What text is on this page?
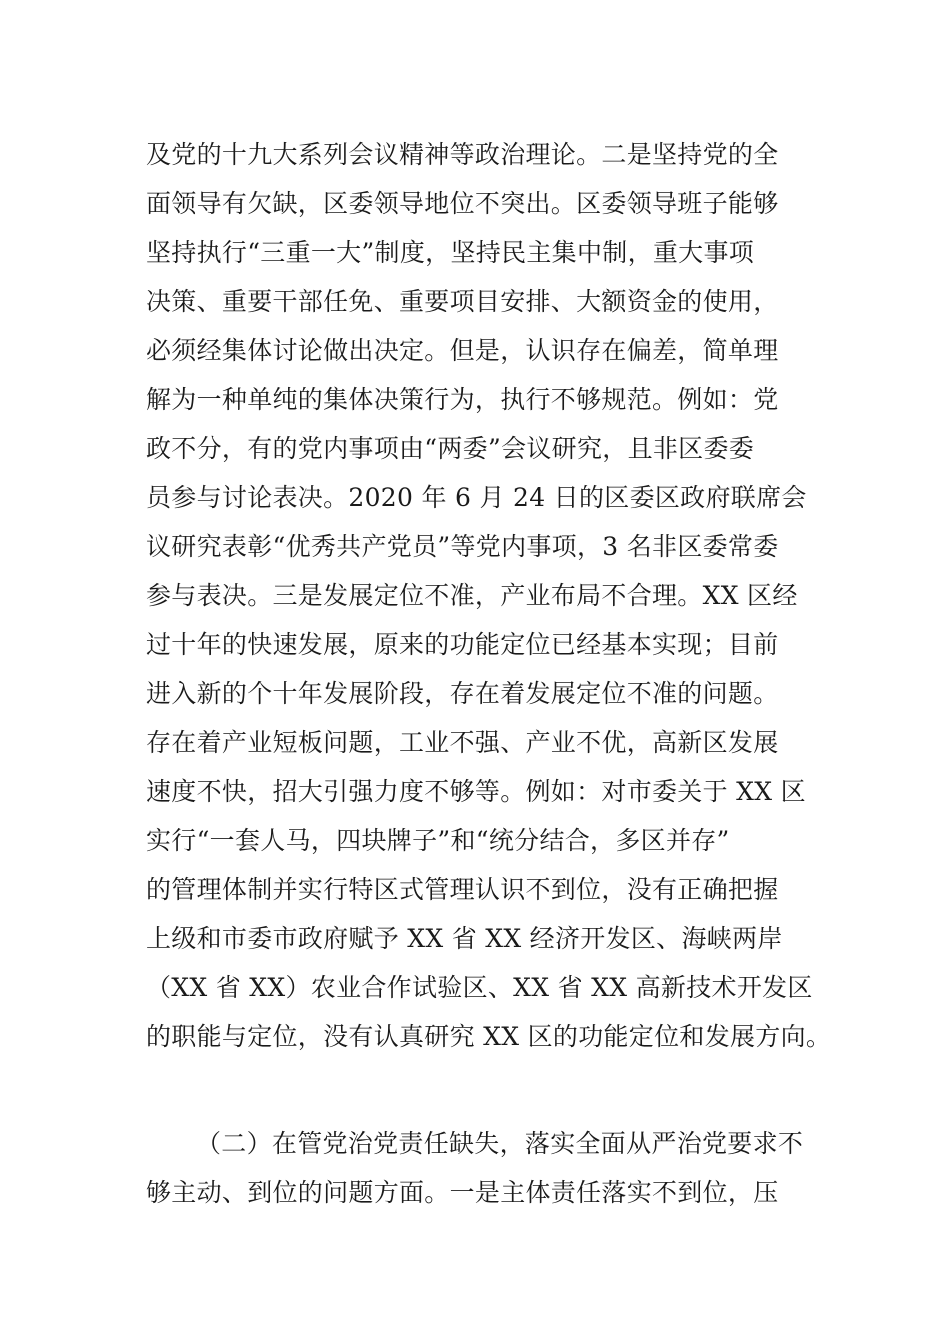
及党的十九大系列会议精神等政治理论。二是坚持党的全
面领导有欠缺，区委领导地位不突出。区委领导班子能够
坚持执行“三重一大”制度，坚持民主集中制，重大事项
决策、重要干部任免、重要项目安排、大额资金的使用，
必须经集体讨论做出决定。但是，认识存在偏差，简单理
解为一种单纯的集体决策行为，执行不够规范。例如：党
政不分，有的党内事项由“两委”会议研究，且非区委委
员参与讨论表决。2020 年 6 月 24 日的区委区政府联席会
议研究表彰“优秀共产党员”等党内事项，3 名非区委常委
参与表决。三是发展定位不准，产业布局不合理。XX 区经
过十年的快速发展，原来的功能定位已经基本实现；目前
进入新的个十年发展阶段，存在着发展定位不准的问题。
存在着产业短板问题，工业不强、产业不优，高新区发展
速度不快，招大引强力度不够等。例如：对市委关于 XX 区
实行“一套人马，四块牌子”和“统分结合，多区并存”
的管理体制并实行特区式管理认识不到位，没有正确把握
上级和市委市政府赋予 XX 省 XX 经济开发区、海峡两岸
（XX 省 XX）农业合作试验区、XX 省 XX 高新技术开发区
的职能与定位，没有认真研究 XX 区的功能定位和发展方向。
（二）在管党治党责任缺失，落实全面从严治党要求不
够主动、到位的问题方面。一是主体责任落实不到位，压
